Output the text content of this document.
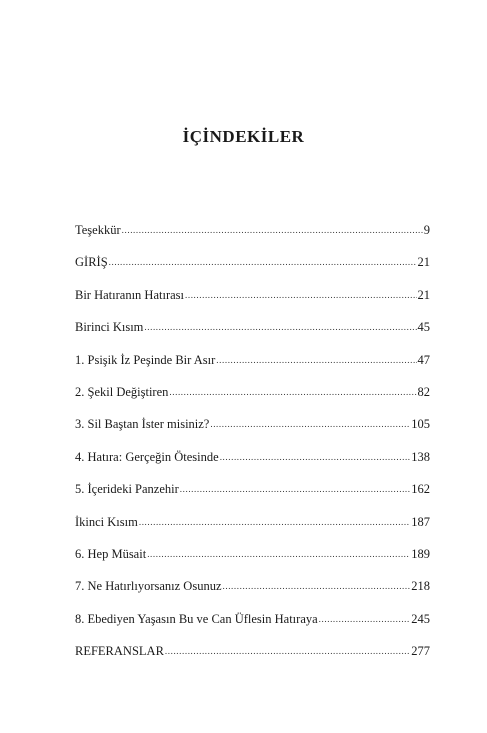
İÇİNDEKİLER
Teşekkür .....	9
GİRİŞ .....	21
Bir Hatıranın Hatırası .....	21
Birinci Kısım .....	45
1. Psişik İz Peşinde Bir Asır .....	47
2. Şekil Değiştiren .....	82
3. Sil Baştan İster misiniz? .....	105
4. Hatıra: Gerçeğin Ötesinde .....	138
5. İçerideki Panzehir .....	162
İkinci Kısım .....	187
6. Hep Müsait .....	189
7. Ne Hatırlıyorsanız Osunuz .....	218
8. Ebediyen Yaşasın Bu ve Can Üflesin Hatıraya .....	245
REFERANSLAR .....	277
